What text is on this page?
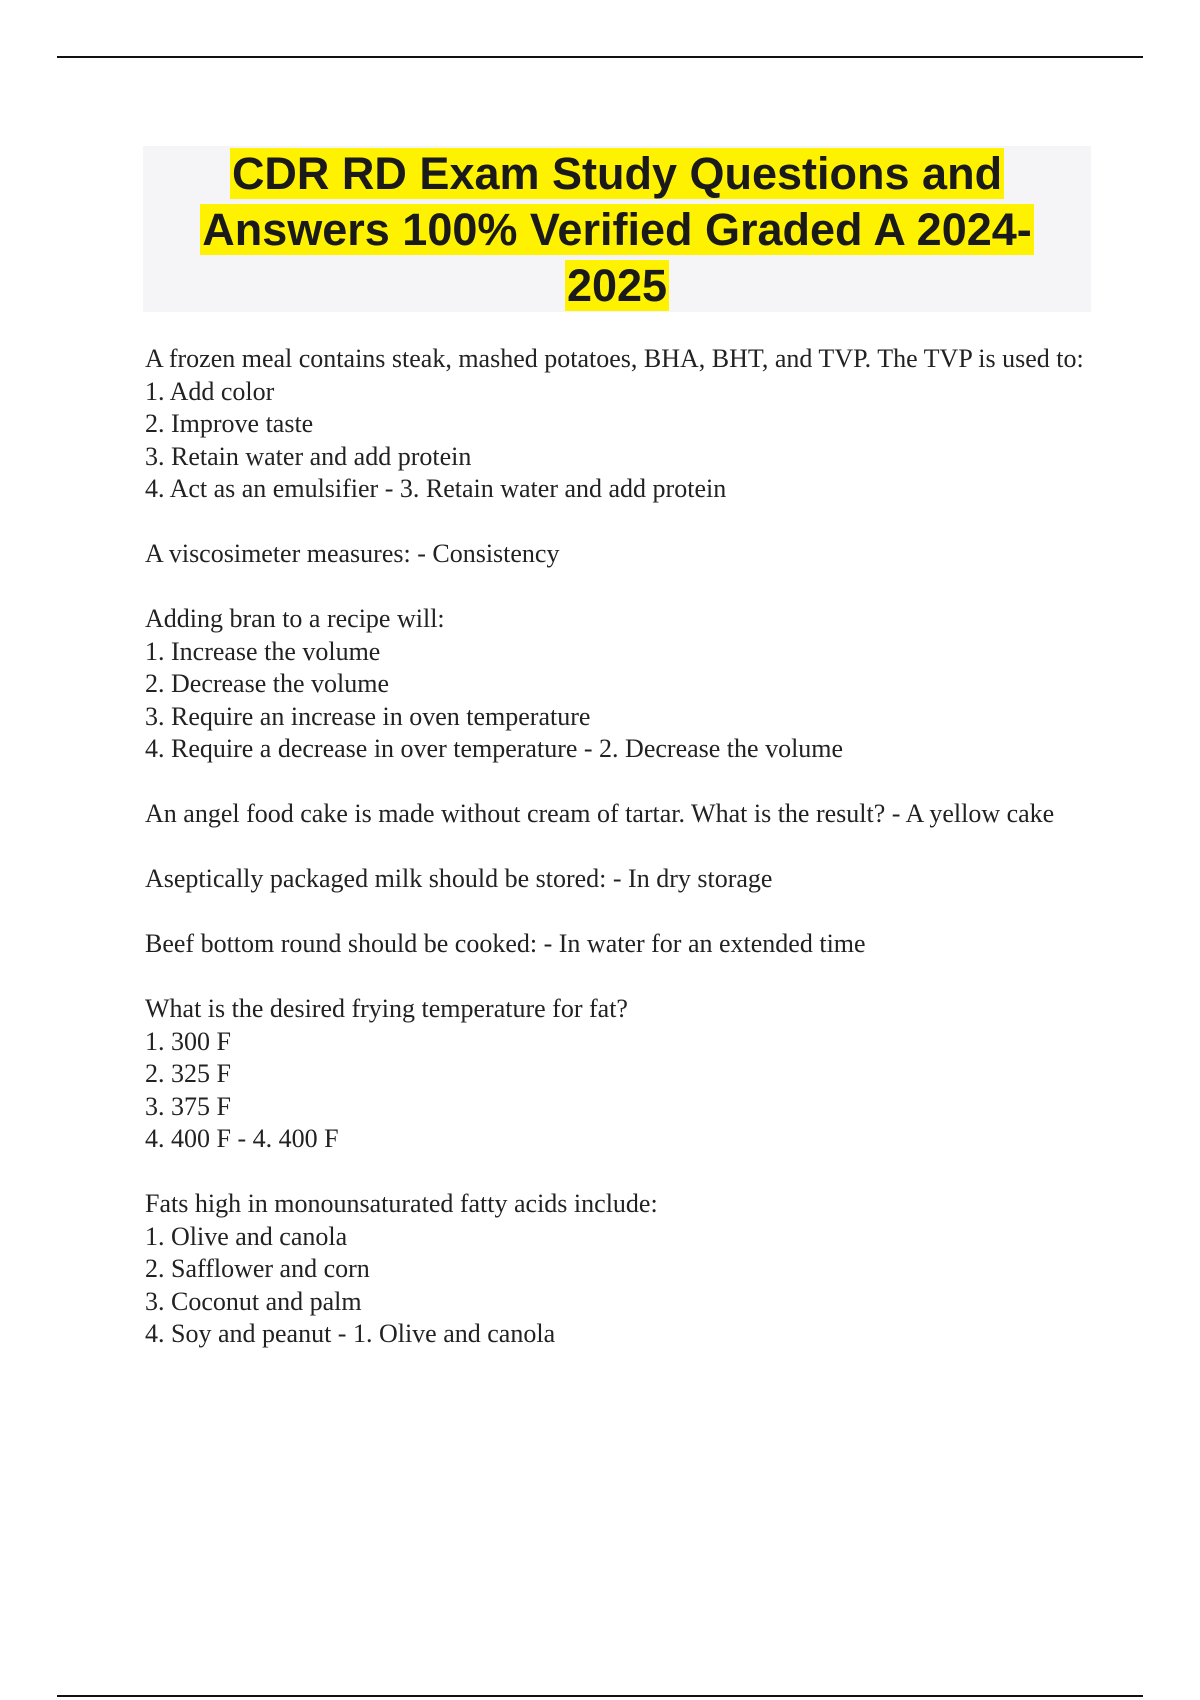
CDR RD Exam Study Questions and
Answers 100% Verified Graded A 2024-
2025

A frozen meal contains steak, mashed potatoes, BHA, BHT, and TVP. The TVP is used to:

1. Add color

2. Improve taste

3. Retain water and add protein

4. Act as an emulsifier - 3. Retain water and add protein

A viscosimeter measures: - Consistency

Adding bran to a recipe will:

1. Increase the volume

2. Decrease the volume

3. Require an increase in oven temperature

4. Require a decrease in over temperature - 2. Decrease the volume

An angel food cake is made without cream of tartar. What is the result? - A yellow cake

Aseptically packaged milk should be stored: - In dry storage

Beef bottom round should be cooked: - In water for an extended time

What is the desired frying temperature for fat?

1. 300 F

2. 325 F

3. 375 F

4. 400 F - 4. 400 F

Fats high in monounsaturated fatty acids include:

1. Olive and canola

2. Safflower and corn

3. Coconut and palm

4. Soy and peanut - 1. Olive and canola
